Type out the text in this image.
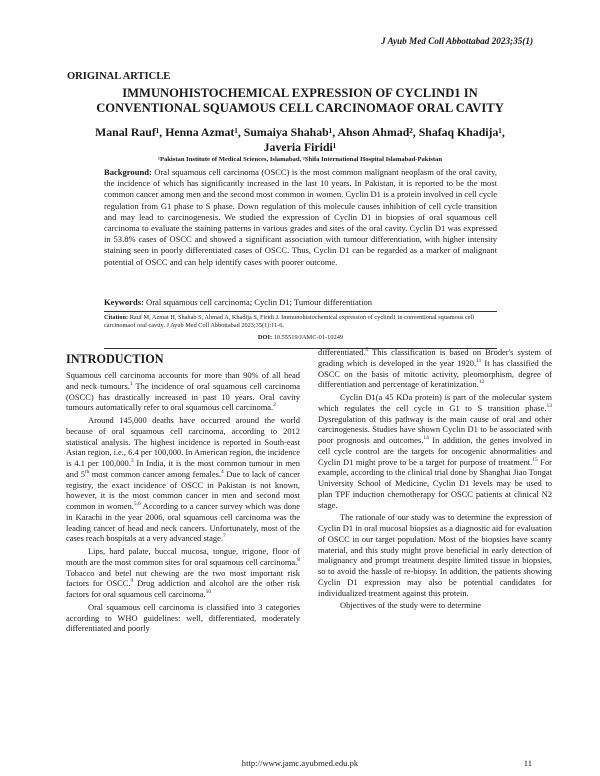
J Ayub Med Coll Abbottabad 2023;35(1)
ORIGINAL ARTICLE
IMMUNOHISTOCHEMICAL EXPRESSION OF CYCLIND1 IN
CONVENTIONAL SQUAMOUS CELL CARCINOMAOF ORAL CAVITY
Manal Rauf¹, Henna Azmat¹, Sumaiya Shahab¹, Ahson Ahmad², Shafaq Khadija¹,
Javeria Firidi¹
¹Pakistan Institute of Medical Sciences, Islamabad, ²Shifa International Hospital Islamabad-Pakistan
Background: Oral squamous cell carcinoma (OSCC) is the most common malignant neoplasm of the oral cavity, the incidence of which has significantly increased in the last 10 years. In Pakistan, it is reported to be the most common cancer among men and the second most common in women. Cyclin D1 is a protein involved in cell cycle regulation from G1 phase to S phase. Down regulation of this molecule causes inhibition of cell cycle transition and may lead to carcinogenesis. We studied the expression of Cyclin D1 in biopsies of oral squamous cell carcinoma to evaluate the staining patterns in various grades and sites of the oral cavity. Cyclin D1 was expressed in 53.8% cases of OSCC and showed a significant association with tumour differentiation, with higher intensity staining seen in poorly differentiated cases of OSCC. Thus, Cyclin D1 can be regarded as a marker of malignant potential of OSCC and can help identify cases with poorer outcome.
Keywords: Oral squamous cell carcinoma; Cyclin D1; Tumour differentiation
Citation: Rauf M, Azmat H, Shahab S, Ahmad A, Khadija S, Firidi J. Immunohistochemical expression of cyclind1 in conventional squamous cell carcinomaof oral cavity. J Ayub Med Coll Abbottabad 2023;35(1):11-6.
DOI: 10.55519/JAMC-01-10249
INTRODUCTION

Squamous cell carcinoma accounts for more than 90% of all head and neck tumours.$^1$ The incidence of oral squamous cell carcinoma (OSCC) has drastically increased in past 10 years. Oral cavity tumours automatically refer to oral squamous cell carcinoma.$^2$

Around 145,000 deaths have occurred around the world because of oral squamous cell carcinoma, according to 2012 statistical analysis. The highest incidence is reported in South-east Asian region, i.e., 6.4 per 100,000. In American region, the incidence is 4.1 per 100,000.$^3$ In India, it is the most common tumour in men and 5th most common cancer among females.$^4$ Due to lack of cancer registry, the exact incidence of OSCC in Pakistan is not known, however, it is the most common cancer in men and second most common in women.$^{5,6}$ According to a cancer survey which was done in Karachi in the year 2006, oral squamous cell carcinoma was the leading cancer of head and neck cancers. Unfortunately, most of the cases reach hospitals at a very advanced stage.$^7$

Lips, hard palate, buccal mucosa, tongue, trigone, floor of mouth are the most common sites for oral squamous cell carcinoma.$^8$ Tobacco and betel nut chewing are the two most important risk factors for OSCC.$^9$ Drug addiction and alcohol are the other risk factors for oral squamous cell carcinoma.$^{10}$

Oral squamous cell carcinoma is classified into 3 categories according to WHO guidelines: well, differentiated, moderately differentiated and poorly

differentiated.$^5$ This classification is based on Broder's system of grading which is developed in the year 1920.11 It has classified the OSCC on the basis of mitotic activity, pleomorphism, degree of differentiation and percentage of keratinization.$^{12}$

Cyclin D1(a 45 KDa protein) is part of the molecular system which regulates the cell cycle in G1 to S transition phase.$^{13}$ Dysregulation of this pathway is the main cause of oral and other carcinogenesis. Studies have shown Cyclin D1 to be associated with poor prognosis and outcomes.$^{14}$ In addition, the genes involved in cell cycle control are the targets for oncogenic abnormalities and Cyclin D1 might prove to be a target for purpose of treatment.$^{15}$ For example, according to the clinical trial done by Shanghai Jiao Tongat University School of Medicine, Cyclin D1 levels may be used to plan TPF induction chemotherapy for OSCC patients at clinical N2 stage.

The rationale of our study was to determine the expression of Cyclin D1 in oral mucosal biopsies as a diagnostic aid for evaluation of OSCC in our target population. Most of the biopsies have scanty material, and this study might prove beneficial in early detection of malignancy and prompt treatment despite limited tissue in biopsies, so to avoid the hassle of re-biopsy. In addition, the patients showing Cyclin D1 expression may also be potential candidates for individualized treatment against this protein.

Objectives of the study were to determine

http://www.jamc.ayubmed.edu.pk	11
